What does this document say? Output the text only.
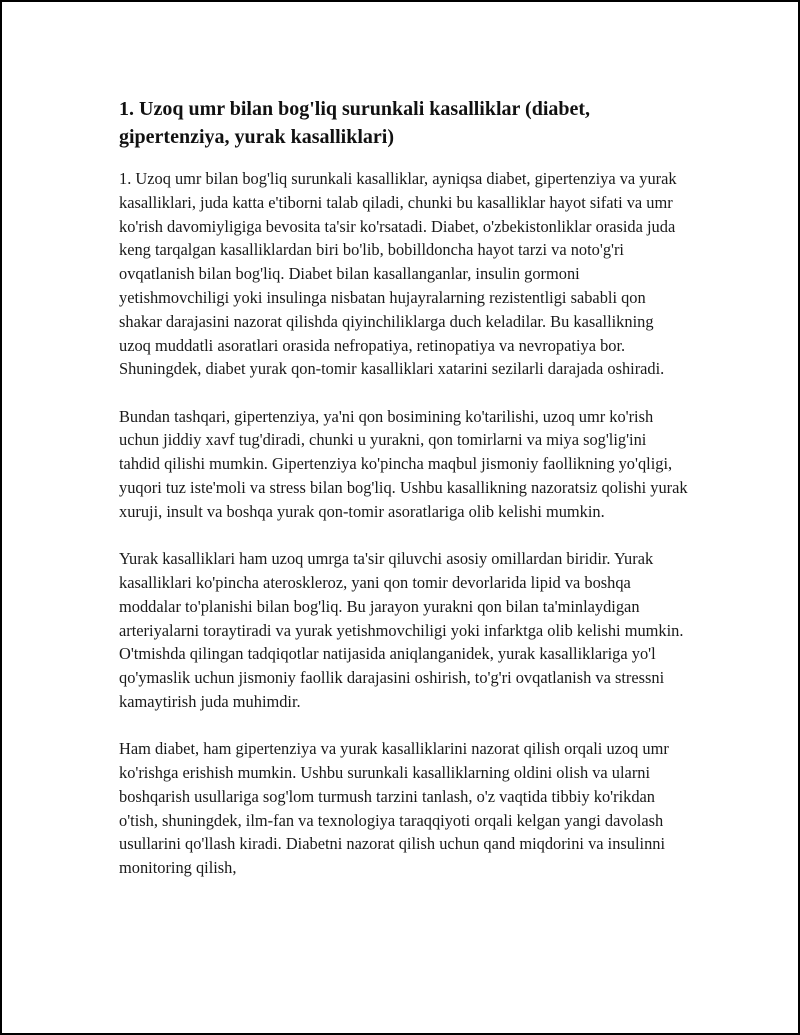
1. Uzoq umr bilan bog'liq surunkali kasalliklar (diabet, gipertenziya, yurak kasalliklari)

1. Uzoq umr bilan bog'liq surunkali kasalliklar, ayniqsa diabet, gipertenziya va yurak kasalliklari, juda katta e'tiborni talab qiladi, chunki bu kasalliklar hayot sifati va umr ko'rish davomiyligiga bevosita ta'sir ko'rsatadi. Diabet, o'zbekistonliklar orasida juda keng tarqalgan kasalliklardan biri bo'lib, bobilldoncha hayot tarzi va noto'g'ri ovqatlanish bilan bog'liq. Diabet bilan kasallanganlar, insulin gormoni yetishmovchiligi yoki insulinga nisbatan hujayralarning rezistentligi sababli qon shakar darajasini nazorat qilishda qiyinchiliklarga duch keladilar. Bu kasallikning uzoq muddatli asoratlari orasida nefropatiya, retinopatiya va nevropatiya bor. Shuningdek, diabet yurak qon-tomir kasalliklari xatarini sezilarli darajada oshiradi.

Bundan tashqari, gipertenziya, ya'ni qon bosimining ko'tarilishi, uzoq umr ko'rish uchun jiddiy xavf tug'diradi, chunki u yurakni, qon tomirlarni va miya sog'lig'ini tahdid qilishi mumkin. Gipertenziya ko'pincha maqbul jismoniy faollikning yo'qligi, yuqori tuz iste'moli va stress bilan bog'liq. Ushbu kasallikning nazoratsiz qolishi yurak xuruji, insult va boshqa yurak qon-tomir asoratlariga olib kelishi mumkin.

Yurak kasalliklari ham uzoq umrga ta'sir qiluvchi asosiy omillardan biridir. Yurak kasalliklari ko'pincha ateroskleroz, yani qon tomir devorlarida lipid va boshqa moddalar to'planishi bilan bog'liq. Bu jarayon yurakni qon bilan ta'minlaydigan arteriyalarni toraytiradi va yurak yetishmovchiligi yoki infarktga olib kelishi mumkin. O'tmishda qilingan tadqiqotlar natijasida aniqlanganidek, yurak kasalliklariga yo'l qo'ymaslik uchun jismoniy faollik darajasini oshirish, to'g'ri ovqatlanish va stressni kamaytirish juda muhimdir.

Ham diabet, ham gipertenziya va yurak kasalliklarini nazorat qilish orqali uzoq umr ko'rishga erishish mumkin. Ushbu surunkali kasalliklarning oldini olish va ularni boshqarish usullariga sog'lom turmush tarzini tanlash, o'z vaqtida tibbiy ko'rikdan o'tish, shuningdek, ilm-fan va texnologiya taraqqiyoti orqali kelgan yangi davolash usullarini qo'llash kiradi. Diabetni nazorat qilish uchun qand miqdorini va insulinni monitoring qilish,
